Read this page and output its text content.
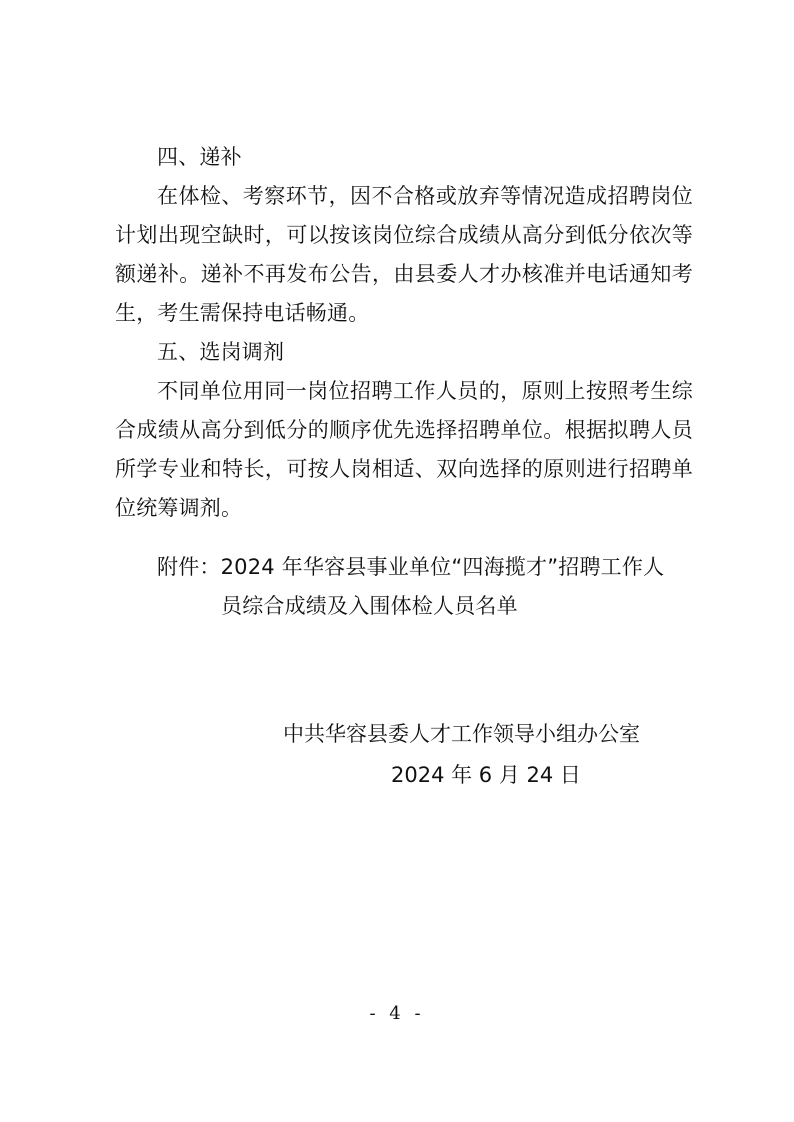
四、递补
在体检、考察环节，因不合格或放弃等情况造成招聘岗位
计划出现空缺时，可以按该岗位综合成绩从高分到低分依次等
额递补。递补不再发布公告，由县委人才办核准并电话通知考
生，考生需保持电话畅通。
五、选岗调剂
不同单位用同一岗位招聘工作人员的，原则上按照考生综
合成绩从高分到低分的顺序优先选择招聘单位。根据拟聘人员
所学专业和特长，可按人岗相适、双向选择的原则进行招聘单
位统筹调剂。
附件：2024 年华容县事业单位“四海揽才”招聘工作人
员综合成绩及入围体检人员名单
中共华容县委人才工作领导小组办公室
2024 年 6 月 24 日
- 4 -
